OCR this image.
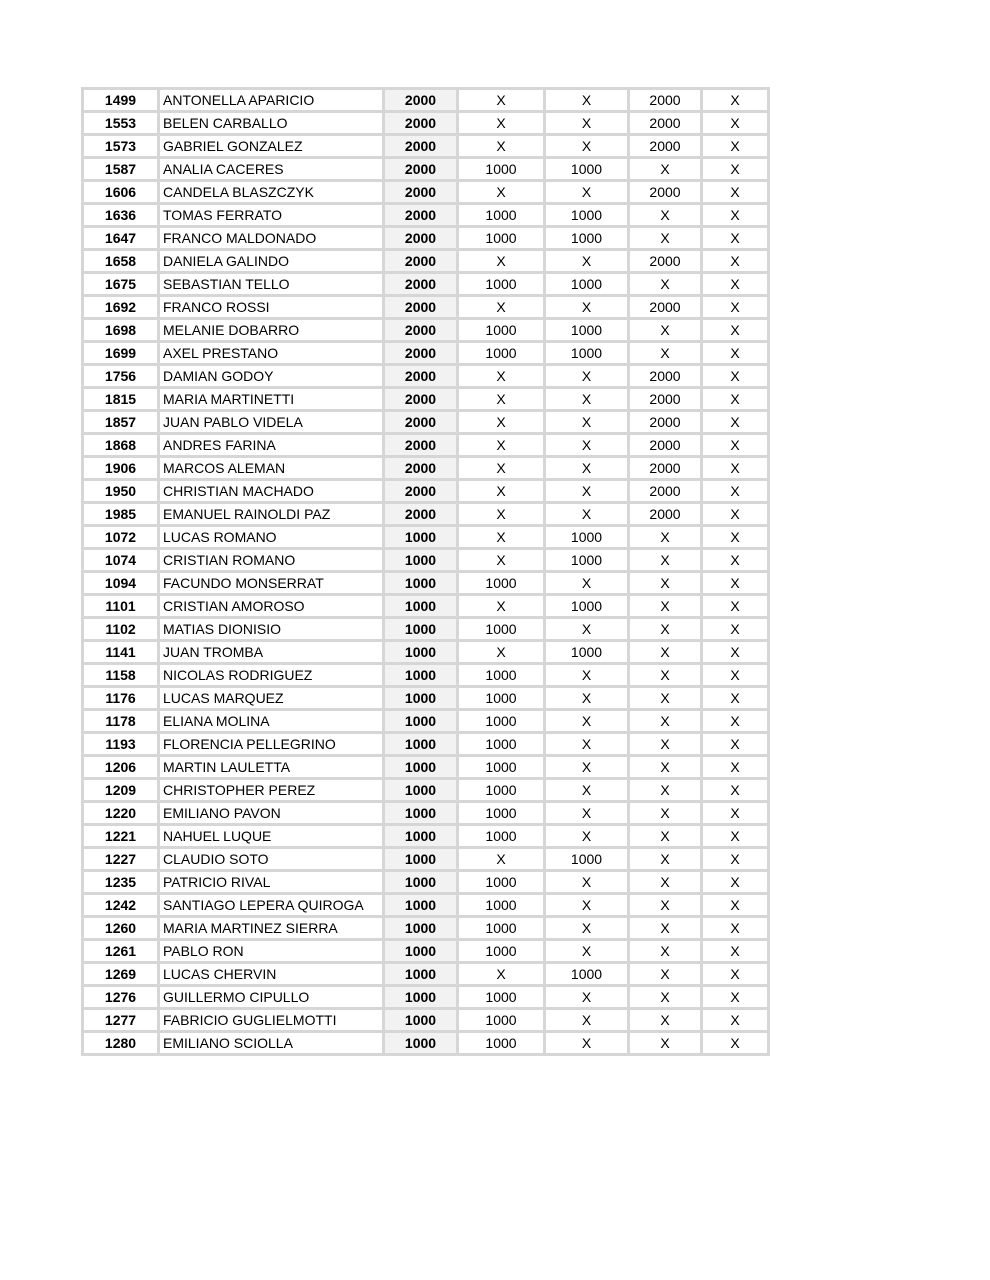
1499	ANTONELLA APARICIO	2000	X	X	2000	X
1553	BELEN CARBALLO	2000	X	X	2000	X
1573	GABRIEL GONZALEZ	2000	X	X	2000	X
1587	ANALIA CACERES	2000	1000	1000	X	X
1606	CANDELA BLASZCZYK	2000	X	X	2000	X
1636	TOMAS FERRATO	2000	1000	1000	X	X
1647	FRANCO MALDONADO	2000	1000	1000	X	X
1658	DANIELA GALINDO	2000	X	X	2000	X
1675	SEBASTIAN TELLO	2000	1000	1000	X	X
1692	FRANCO ROSSI	2000	X	X	2000	X
1698	MELANIE DOBARRO	2000	1000	1000	X	X
1699	AXEL PRESTANO	2000	1000	1000	X	X
1756	DAMIAN GODOY	2000	X	X	2000	X
1815	MARIA MARTINETTI	2000	X	X	2000	X
1857	JUAN PABLO VIDELA	2000	X	X	2000	X
1868	ANDRES FARINA	2000	X	X	2000	X
1906	MARCOS ALEMAN	2000	X	X	2000	X
1950	CHRISTIAN MACHADO	2000	X	X	2000	X
1985	EMANUEL RAINOLDI PAZ	2000	X	X	2000	X
1072	LUCAS ROMANO	1000	X	1000	X	X
1074	CRISTIAN ROMANO	1000	X	1000	X	X
1094	FACUNDO MONSERRAT	1000	1000	X	X	X
1101	CRISTIAN AMOROSO	1000	X	1000	X	X
1102	MATIAS DIONISIO	1000	1000	X	X	X
1141	JUAN TROMBA	1000	X	1000	X	X
1158	NICOLAS RODRIGUEZ	1000	1000	X	X	X
1176	LUCAS MARQUEZ	1000	1000	X	X	X
1178	ELIANA MOLINA	1000	1000	X	X	X
1193	FLORENCIA PELLEGRINO	1000	1000	X	X	X
1206	MARTIN LAULETTA	1000	1000	X	X	X
1209	CHRISTOPHER PEREZ	1000	1000	X	X	X
1220	EMILIANO PAVON	1000	1000	X	X	X
1221	NAHUEL LUQUE	1000	1000	X	X	X
1227	CLAUDIO SOTO	1000	X	1000	X	X
1235	PATRICIO RIVAL	1000	1000	X	X	X
1242	SANTIAGO LEPERA QUIROGA	1000	1000	X	X	X
1260	MARIA MARTINEZ SIERRA	1000	1000	X	X	X
1261	PABLO RON	1000	1000	X	X	X
1269	LUCAS CHERVIN	1000	X	1000	X	X
1276	GUILLERMO CIPULLO	1000	1000	X	X	X
1277	FABRICIO GUGLIELMOTTI	1000	1000	X	X	X
1280	EMILIANO SCIOLLA	1000	1000	X	X	X
